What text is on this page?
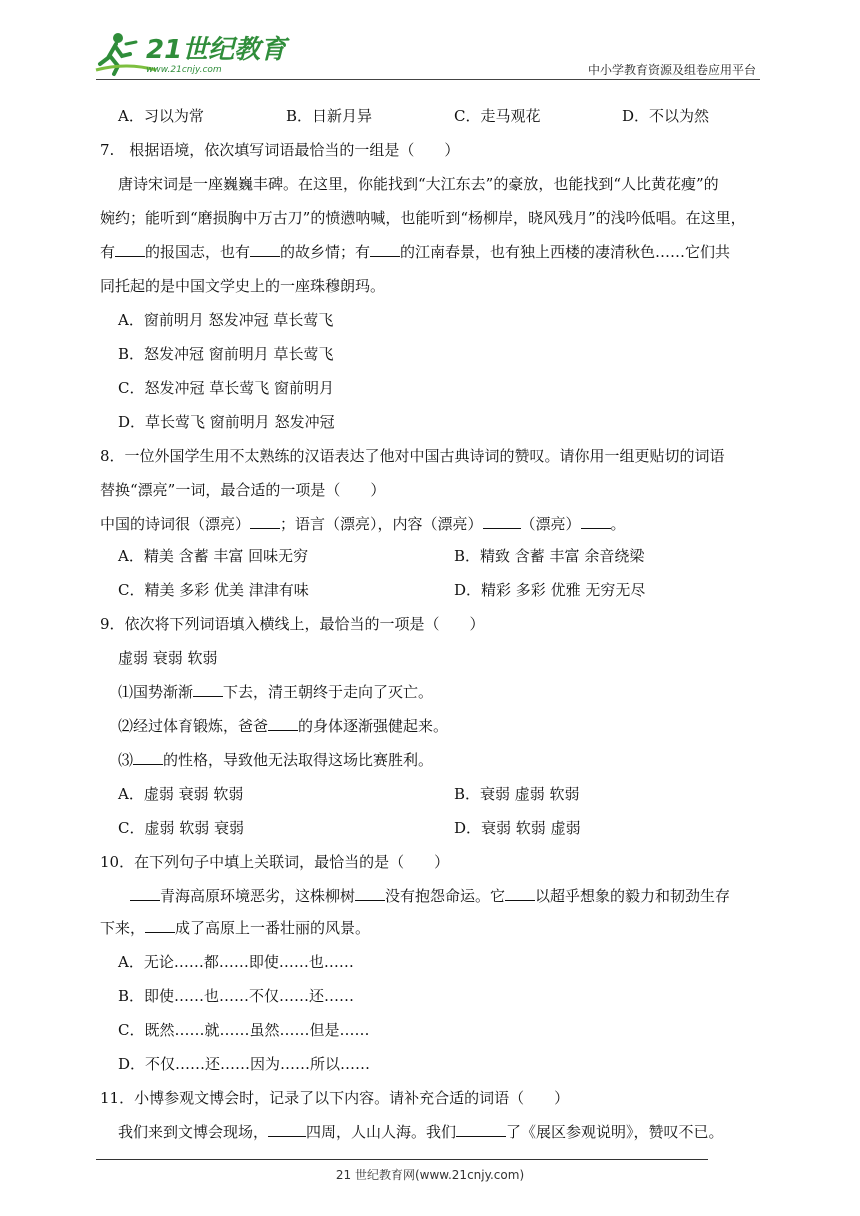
21世纪教育
www.21cnjy.com	中小学教育资源及组卷应用平台
A．习以为常	B．日新月异	C．走马观花	D．不以为然
7.　根据语境，依次填写词语最恰当的一组是（　　）
唐诗宋词是一座巍巍丰碑。在这里，你能找到“大江东去”的豪放，也能找到“人比黄花瘦”的
婉约；能听到“磨损胸中万古刀”的愤懑呐喊，也能听到“杨柳岸，晓风残月”的浅吟低唱。在这里，
有 的报国志，也有 的故乡情；有 的江南春景，也有独上西楼的凄清秋色……它们共
同托起的是中国文学史上的一座珠穆朗玛。
A．窗前明月 怒发冲冠 草长莺飞
B．怒发冲冠 窗前明月 草长莺飞
C．怒发冲冠 草长莺飞 窗前明月
D．草长莺飞 窗前明月 怒发冲冠
8．一位外国学生用不太熟练的汉语表达了他对中国古典诗词的赞叹。请你用一组更贴切的词语
替换“漂亮”一词，最合适的一项是（　　）
中国的诗词很（漂亮） ；语言（漂亮），内容（漂亮）	（漂亮） 。
A．精美 含蓄 丰富 回味无穷	B．精致 含蓄 丰富 余音绕梁
C．精美 多彩 优美 津津有味	D．精彩 多彩 优雅 无穷无尽
9．依次将下列词语填入横线上，最恰当的一项是（　　）
虚弱 衰弱 软弱
⑴国势渐渐 下去，清王朝终于走向了灭亡。
⑵经过体育锻炼，爸爸 的身体逐渐强健起来。
⑶ 的性格，导致他无法取得这场比赛胜利。
A．虚弱 衰弱 软弱	B．衰弱 虚弱 软弱
C．虚弱 软弱 衰弱	D．衰弱 软弱 虚弱
10．在下列句子中填上关联词，最恰当的是（　　）
青海高原环境恶劣，这株柳树 没有抱怨命运。它 以超乎想象的毅力和韧劲生存
下来， 成了高原上一番壮丽的风景。
A．无论……都……即使……也……
B．即使……也……不仅……还……
C．既然……就……虽然……但是……
D．不仅……还……因为……所以……
11．小博参观文博会时，记录了以下内容。请补充合适的词语（　　）
我们来到文博会现场，	四周，人山人海。我们	了《展区参观说明》，赞叹不已。
21 世纪教育网(www.21cnjy.com)
